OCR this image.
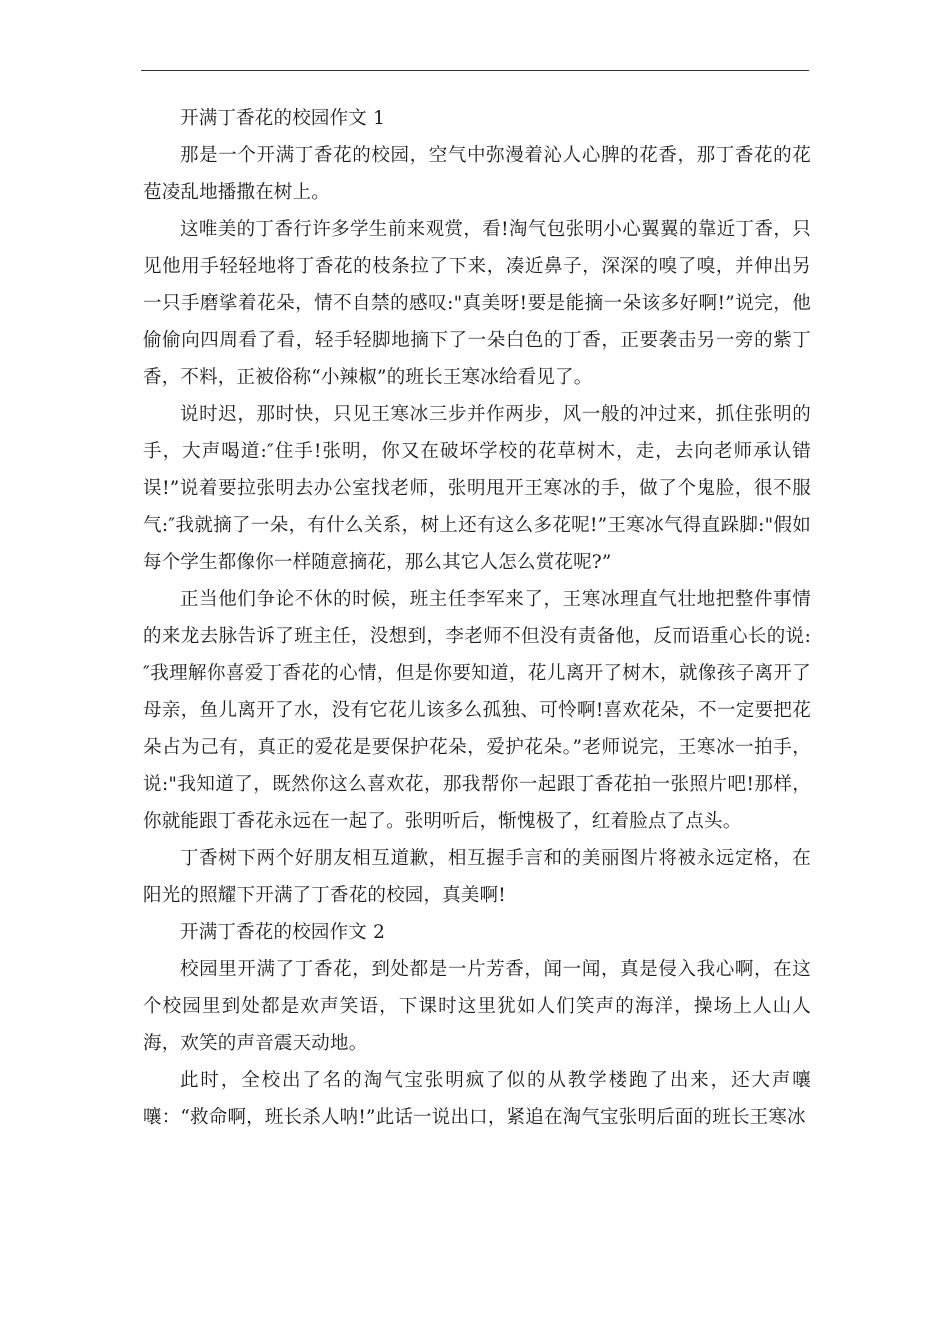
开满丁香花的校园作文 1

那是一个开满丁香花的校园，空气中弥漫着沁人心脾的花香，那丁香花的花苞凌乱地播撒在树上。

这唯美的丁香行许多学生前来观赏，看!淘气包张明小心翼翼的靠近丁香，只见他用手轻轻地将丁香花的枝条拉了下来，凑近鼻子，深深的嗅了嗅，并伸出另一只手磨挲着花朵，情不自禁的感叹:"真美呀!要是能摘一朵该多好啊!”说完，他偷偷向四周看了看，轻手轻脚地摘下了一朵白色的丁香，正要袭击另一旁的紫丁香，不料，正被俗称“小辣椒”的班长王寒冰给看见了。

说时迟，那时快，只见王寒冰三步并作两步，风一般的冲过来，抓住张明的手，大声喝道:″住手!张明，你又在破坏学校的花草树木，走，去向老师承认错误!”说着要拉张明去办公室找老师，张明甩开王寒冰的手，做了个鬼脸，很不服气:″我就摘了一朵，有什么关系，树上还有这么多花呢!”王寒冰气得直跺脚:"假如每个学生都像你一样随意摘花，那么其它人怎么赏花呢?”

正当他们争论不休的时候，班主任李军来了，王寒冰理直气壮地把整件事情的来龙去脉告诉了班主任，没想到，李老师不但没有责备他，反而语重心长的说:″我理解你喜爱丁香花的心情，但是你要知道，花儿离开了树木，就像孩子离开了母亲，鱼儿离开了水，没有它花儿该多么孤独、可怜啊!喜欢花朵，不一定要把花朵占为己有，真正的爱花是要保护花朵，爱护花朵。”老师说完，王寒冰一拍手，说:"我知道了，既然你这么喜欢花，那我帮你一起跟丁香花拍一张照片吧!那样，你就能跟丁香花永远在一起了。张明听后，惭愧极了，红着脸点了点头。

丁香树下两个好朋友相互道歉，相互握手言和的美丽图片将被永远定格，在阳光的照耀下开满了丁香花的校园，真美啊!

开满丁香花的校园作文 2

校园里开满了丁香花，到处都是一片芳香，闻一闻，真是侵入我心啊，在这个校园里到处都是欢声笑语，下课时这里犹如人们笑声的海洋，操场上人山人海，欢笑的声音震天动地。

此时，全校出了名的淘气宝张明疯了似的从教学楼跑了出来，还大声嚷嚷：“救命啊，班长杀人呐!”此话一说出口，紧追在淘气宝张明后面的班长王寒冰
